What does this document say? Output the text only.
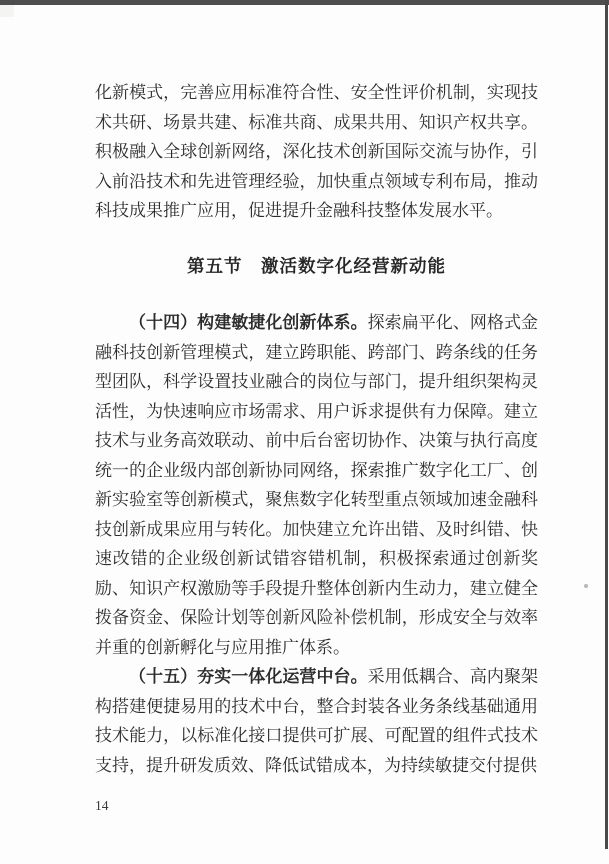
化新模式，完善应用标准符合性、安全性评价机制，实现技术共研、场景共建、标准共商、成果共用、知识产权共享。积极融入全球创新网络，深化技术创新国际交流与协作，引入前沿技术和先进管理经验，加快重点领域专利布局，推动科技成果推广应用，促进提升金融科技整体发展水平。

第五节　激活数字化经营新动能

（十四）构建敏捷化创新体系。探索扁平化、网格式金融科技创新管理模式，建立跨职能、跨部门、跨条线的任务型团队，科学设置技业融合的岗位与部门，提升组织架构灵活性，为快速响应市场需求、用户诉求提供有力保障。建立技术与业务高效联动、前中后台密切协作、决策与执行高度统一的企业级内部创新协同网络，探索推广数字化工厂、创新实验室等创新模式，聚焦数字化转型重点领域加速金融科技创新成果应用与转化。加快建立允许出错、及时纠错、快速改错的企业级创新试错容错机制，积极探索通过创新奖励、知识产权激励等手段提升整体创新内生动力，建立健全拨备资金、保险计划等创新风险补偿机制，形成安全与效率并重的创新孵化与应用推广体系。

（十五）夯实一体化运营中台。采用低耦合、高内聚架构搭建便捷易用的技术中台，整合封装各业务条线基础通用技术能力，以标准化接口提供可扩展、可配置的组件式技术支持，提升研发质效、降低试错成本，为持续敏捷交付提供

14
